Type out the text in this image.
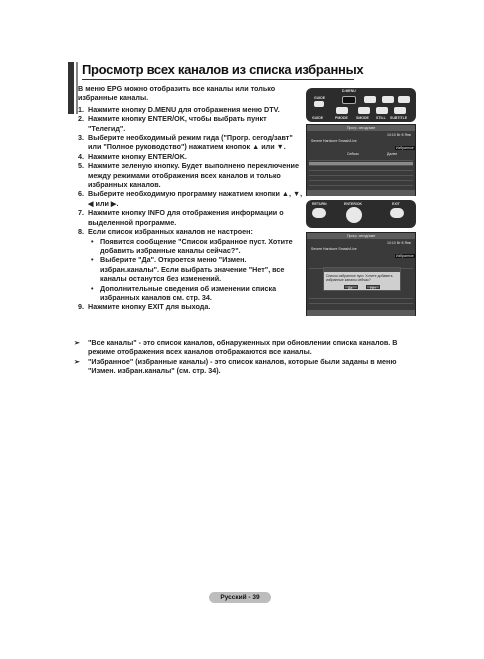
Просмотр всех каналов из списка избранных
В меню EPG можно отобразить все каналы или только избранные каналы.
1. Нажмите кнопку D.MENU для отображения меню DTV.
2. Нажмите кнопку ENTER/OK, чтобы выбрать пункт "Телегид".
3. Выберите необходимый режим гида ("Прогр. сегод/завт" или "Полное руководство") нажатием кнопок ▲ или ▼.
4. Нажмите кнопку ENTER/OK.
5. Нажмите зеленую кнопку. Будет выполнено переключение между режимами отображения всех каналов и только избранных каналов.
6. Выберите необходимую программу нажатием кнопки ▲, ▼, ◀ или ▶.
7. Нажмите кнопку INFO для отображения информации о выделенной программе.
8. Если список избранных каналов не настроен:
• Появится сообщение "Список избранное пуст. Хотите добавить избранные каналы сейчас?".
• Выберите "Да". Откроется меню "Измен. избран.каналы". Если выбрать значение "Нет", все каналы останутся без изменений.
• Дополнительные сведения об изменении списка избранных каналов см. стр. 34.
9. Нажмите кнопку EXIT для выхода.
➢ "Все каналы" - это список каналов, обнаруженных при обновлении списка каналов. В режиме отображения всех каналов отображаются все каналы.
➢ "Избранное" (избранные каналы) - это список каналов, которые были заданы в меню "Измен. избран.каналы" (см. стр. 34).
D.MENU
GUIDE
GUIDE	PMODE SMODE STILL SUBTITLE
Прогр. сегод/завт
10:10 Вт 8 Янв
Severe Hardcore Smash/Live
Избранное
Сейчас	Далее
RETURN	ENTER/OK	EXIT
Прогр. сегод/завт
10:10 Вт 8 Янв
Severe Hardcore Smash/Live
Избранное
Список избранное пуст. Хотите добавить избранные каналы сейчас?
Да	Нет
Русский - 39
